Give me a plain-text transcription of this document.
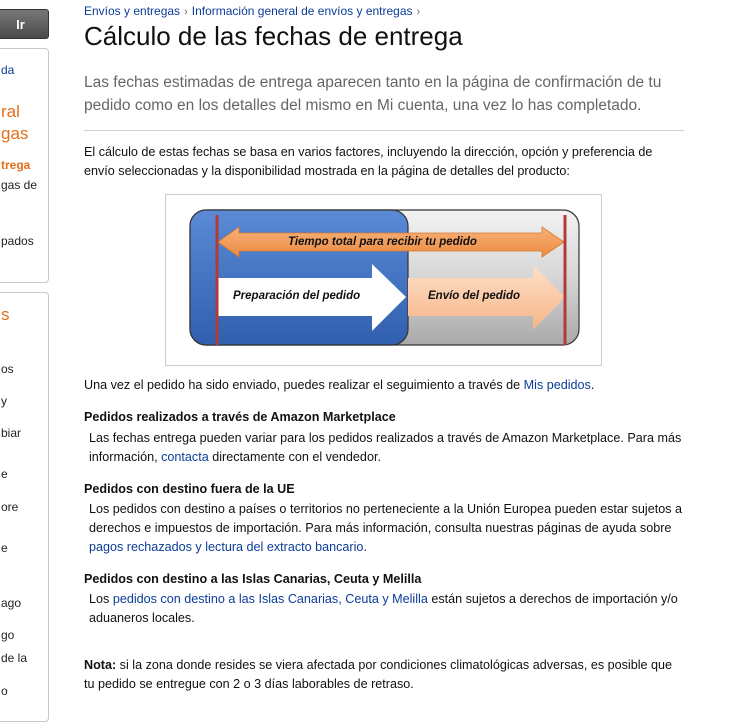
Ir
da
ral
gas
trega
gas de
pados
s
os
y
biar
e
ore
e
ago
go
de la
o
Envíos y entregas › Información general de envíos y entregas ›
Cálculo de las fechas de entrega

Las fechas estimadas de entrega aparecen tanto en la página de confirmación de tu pedido como en los detalles del mismo en Mi cuenta, una vez lo has completado.

El cálculo de estas fechas se basa en varios factores, incluyendo la dirección, opción y preferencia de envío seleccionadas y la disponibilidad mostrada en la página de detalles del producto:

Tiempo total para recibir tu pedido
Preparación del pedido	Envío del pedido

Una vez el pedido ha sido enviado, puedes realizar el seguimiento a través de Mis pedidos.

Pedidos realizados a través de Amazon Marketplace

Las fechas entrega pueden variar para los pedidos realizados a través de Amazon Marketplace. Para más información, contacta directamente con el vendedor.

Pedidos con destino fuera de la UE

Los pedidos con destino a países o territorios no perteneciente a la Unión Europea pueden estar sujetos a derechos e impuestos de importación. Para más información, consulta nuestras páginas de ayuda sobre pagos rechazados y lectura del extracto bancario.

Pedidos con destino a las Islas Canarias, Ceuta y Melilla

Los pedidos con destino a las Islas Canarias, Ceuta y Melilla están sujetos a derechos de importación y/o aduaneros locales.

Nota: si la zona donde resides se viera afectada por condiciones climatológicas adversas, es posible que tu pedido se entregue con 2 o 3 días laborables de retraso.
